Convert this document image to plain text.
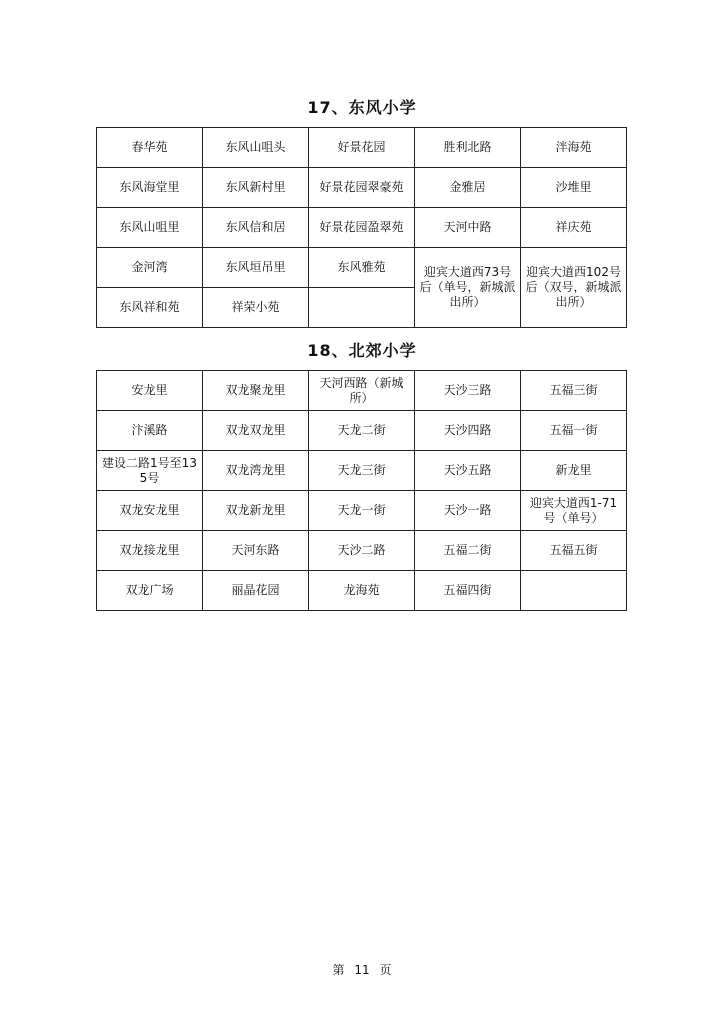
17、东风小学
春华苑	东风山咀头	好景花园	胜利北路	泮海苑
东风海堂里	东风新村里	好景花园翠豪苑	金雅居	沙堆里
东风山咀里	东风信和居	好景花园盈翠苑	天河中路	祥庆苑
金河湾	东风垣吊里	东风雅苑	迎宾大道西73号后（单号，新城派出所）	迎宾大道西102号后（双号，新城派出所）
东风祥和苑	祥荣小苑			
18、北郊小学
安龙里	双龙聚龙里	天河西路（新城所）	天沙三路	五福三街
汴溪路	双龙双龙里	天龙二街	天沙四路	五福一街
建设二路1号至135号	双龙湾龙里	天龙三街	天沙五路	新龙里
双龙安龙里	双龙新龙里	天龙一街	天沙一路	迎宾大道西1-71号（单号）
双龙接龙里	天河东路	天沙二路	五福二街	五福五街
双龙广场	丽晶花园	龙海苑	五福四街	
第 11 页
